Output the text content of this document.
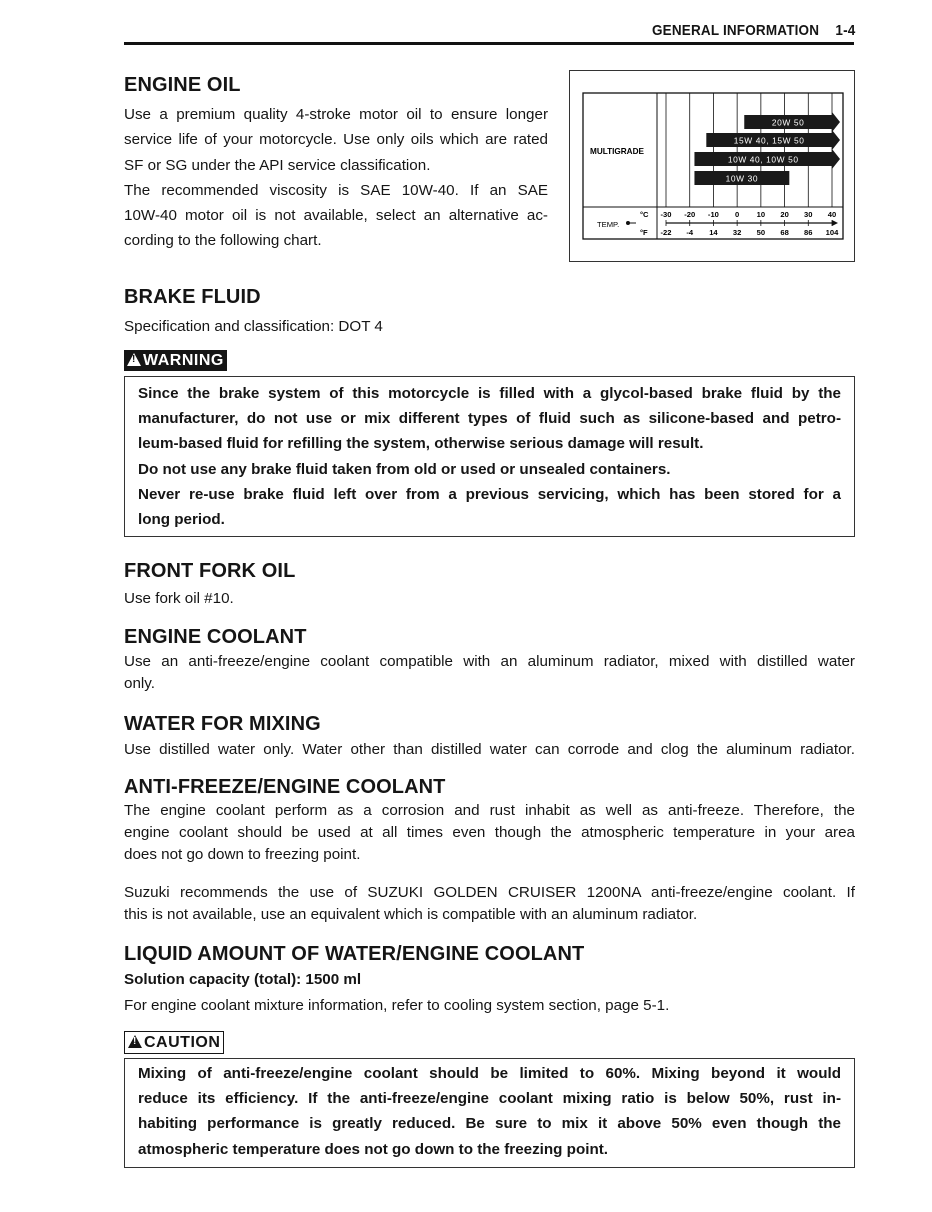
GENERAL INFORMATION 1-4
ENGINE OIL
Use a premium quality 4-stroke motor oil to ensure longer
service life of your motorcycle. Use only oils which are rated
SF or SG under the API service classification.
The recommended viscosity is SAE 10W-40. If an SAE
10W-40 motor oil is not available, select an alternative ac-
cording to the following chart.
MULTIGRADE
TEMP.
°C
°F
20W 50
15W 40, 15W 50
10W 40, 10W 50
10W 30
-30
-22
-20
-4
-10
14
0
32
10
50
20
68
30
86
40
104
BRAKE FLUID
Specification and classification: DOT 4
! WARNING
Since the brake system of this motorcycle is filled with a glycol-based brake fluid by the
manufacturer, do not use or mix different types of fluid such as silicone-based and petro-
leum-based fluid for refilling the system, otherwise serious damage will result.
Do not use any brake fluid taken from old or used or unsealed containers.
Never re-use brake fluid left over from a previous servicing, which has been stored for a
long period.
FRONT FORK OIL
Use fork oil #10.
ENGINE COOLANT
Use an anti-freeze/engine coolant compatible with an aluminum radiator, mixed with distilled water
only.
WATER FOR MIXING
Use distilled water only. Water other than distilled water can corrode and clog the aluminum radiator.
ANTI-FREEZE/ENGINE COOLANT
The engine coolant perform as a corrosion and rust inhabit as well as anti-freeze. Therefore, the
engine coolant should be used at all times even though the atmospheric temperature in your area
does not go down to freezing point.
Suzuki recommends the use of SUZUKI GOLDEN CRUISER 1200NA anti-freeze/engine coolant. If
this is not available, use an equivalent which is compatible with an aluminum radiator.
LIQUID AMOUNT OF WATER/ENGINE COOLANT
Solution capacity (total): 1500 ml
For engine coolant mixture information, refer to cooling system section, page 5-1.
! CAUTION
Mixing of anti-freeze/engine coolant should be limited to 60%. Mixing beyond it would
reduce its efficiency. If the anti-freeze/engine coolant mixing ratio is below 50%, rust in-
habiting performance is greatly reduced. Be sure to mix it above 50% even though the
atmospheric temperature does not go down to the freezing point.
